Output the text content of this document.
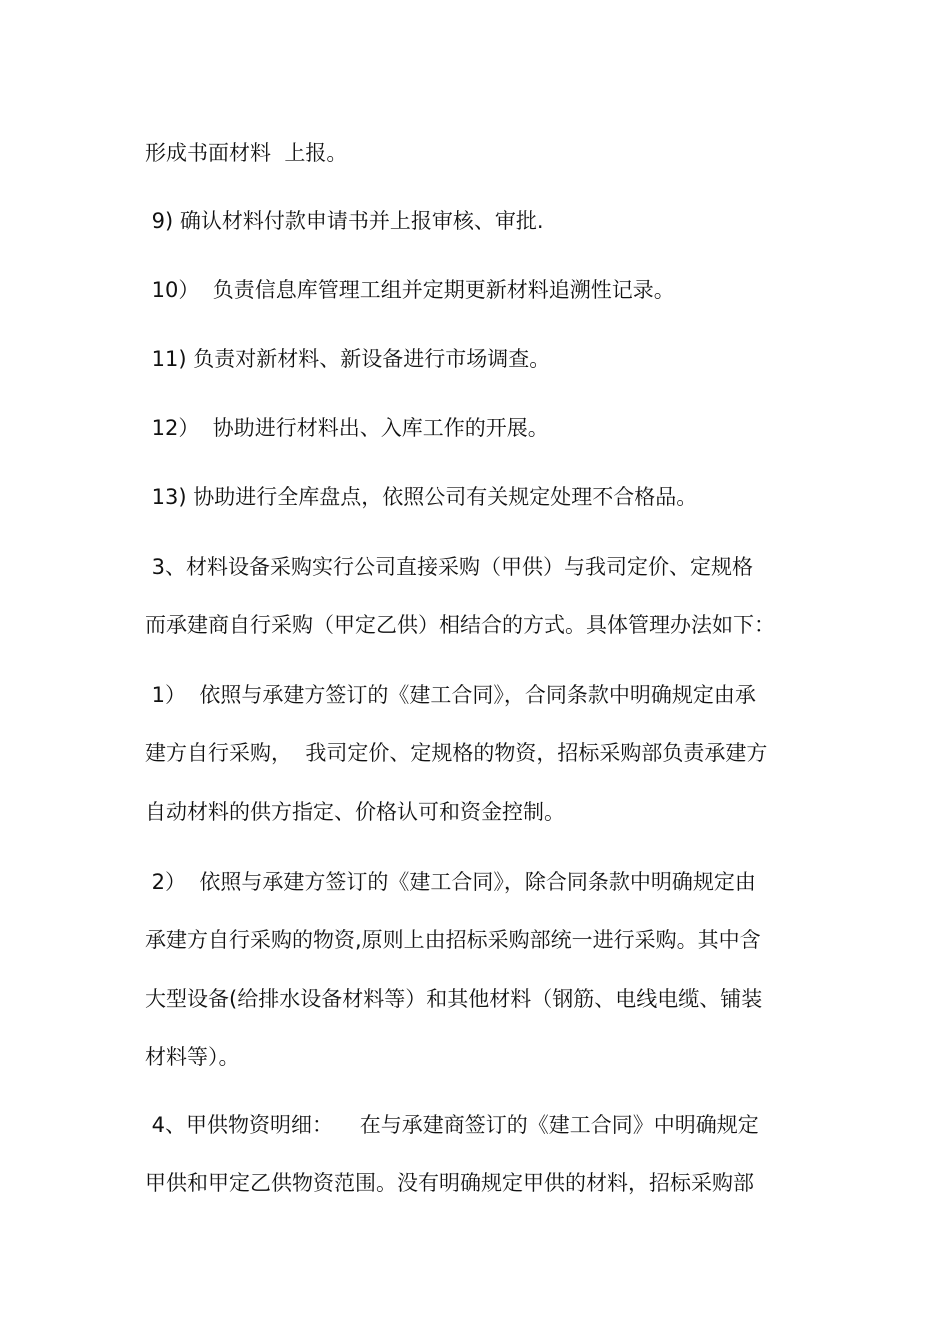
形成书面材料  上报。
9) 确认材料付款申请书并上报审核、审批.
10）  负责信息库管理工组并定期更新材料追溯性记录。
11) 负责对新材料、新设备进行市场调查。
12）  协助进行材料出、入库工作的开展。
13) 协助进行全库盘点，依照公司有关规定处理不合格品。
3、材料设备采购实行公司直接采购（甲供）与我司定价、定规格
而承建商自行采购（甲定乙供）相结合的方式。具体管理办法如下：
1）  依照与承建方签订的《建工合同》，合同条款中明确规定由承
建方自行采购，  我司定价、定规格的物资，招标采购部负责承建方
自动材料的供方指定、价格认可和资金控制。
2）  依照与承建方签订的《建工合同》，除合同条款中明确规定由
承建方自行采购的物资,原则上由招标采购部统一进行采购。其中含
大型设备(给排水设备材料等）和其他材料（钢筋、电线电缆、铺装
材料等）。
4、甲供物资明细：    在与承建商签订的《建工合同》中明确规定
甲供和甲定乙供物资范围。没有明确规定甲供的材料，招标采购部
